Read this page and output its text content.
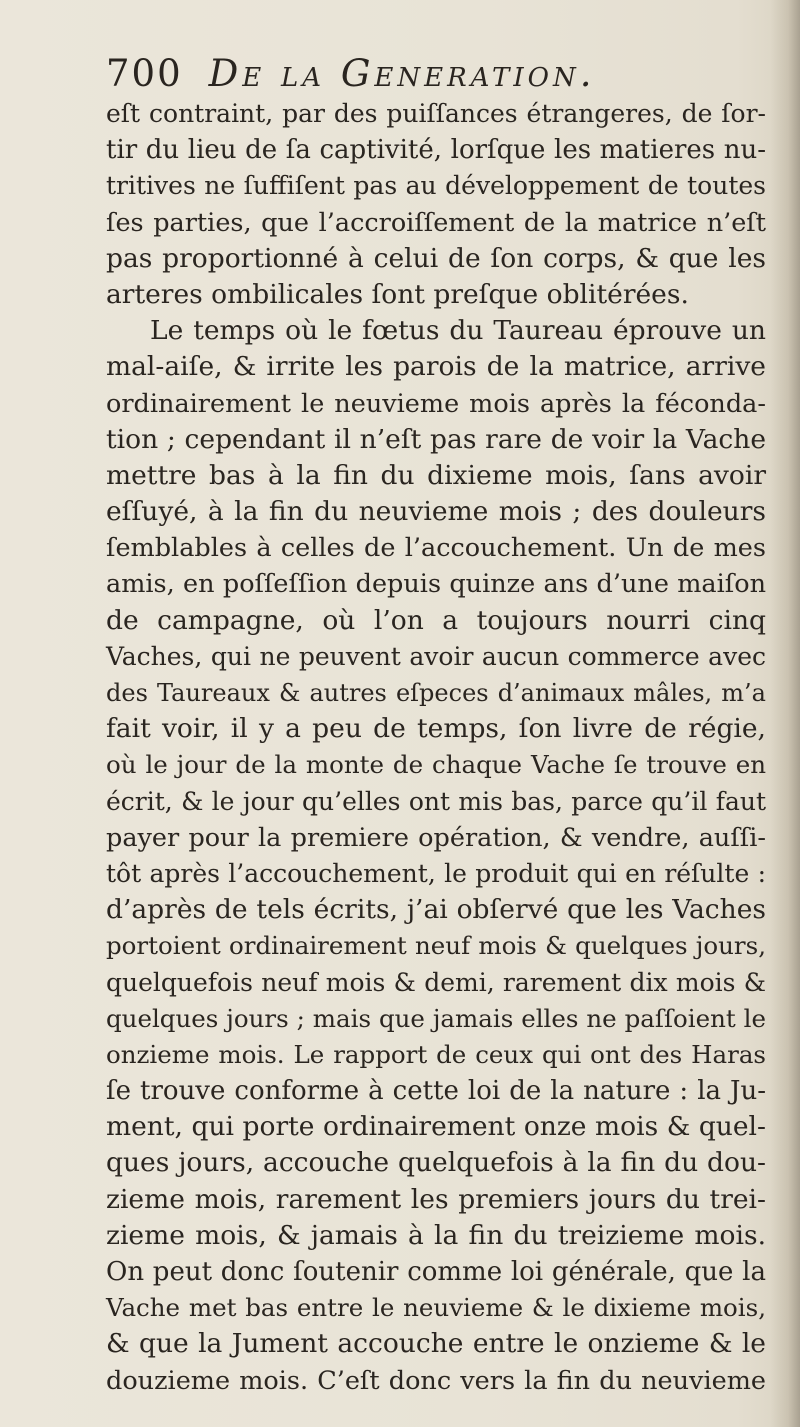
700 De la Generation.
eſt contraint, par des puiſſances étrangeres, de ſor-
tir du lieu de ſa captivité, lorſque les matieres nu-
tritives ne ſuffiſent pas au développement de toutes
ſes parties, que l’accroiſſement de la matrice n’eſt
pas proportionné à celui de ſon corps, & que les
arteres ombilicales ſont preſque oblitérées.
Le temps où le fœtus du Taureau éprouve un
mal-aiſe, & irrite les parois de la matrice, arrive
ordinairement le neuvieme mois après la féconda-
tion ; cependant il n’eſt pas rare de voir la Vache
mettre bas à la fin du dixieme mois, ſans avoir
eſſuyé, à la fin du neuvieme mois ; des douleurs
ſemblables à celles de l’accouchement. Un de mes
amis, en poſſeſſion depuis quinze ans d’une maiſon
de campagne, où l’on a toujours nourri cinq
Vaches, qui ne peuvent avoir aucun commerce avec
des Taureaux & autres eſpeces d’animaux mâles, m’a
fait voir, il y a peu de temps, ſon livre de régie,
où le jour de la monte de chaque Vache ſe trouve en
écrit, & le jour qu’elles ont mis bas, parce qu’il faut
payer pour la premiere opération, & vendre, auſſi-
tôt après l’accouchement, le produit qui en réſulte :
d’après de tels écrits, j’ai obſervé que les Vaches
portoient ordinairement neuf mois & quelques jours,
quelquefois neuf mois & demi, rarement dix mois &
quelques jours ; mais que jamais elles ne paſſoient le
onzieme mois. Le rapport de ceux qui ont des Haras
ſe trouve conforme à cette loi de la nature : la Ju-
ment, qui porte ordinairement onze mois & quel-
ques jours, accouche quelquefois à la fin du dou-
zieme mois, rarement les premiers jours du trei-
zieme mois, & jamais à la fin du treizieme mois.
On peut donc ſoutenir comme loi générale, que la
Vache met bas entre le neuvieme & le dixieme mois,
& que la Jument accouche entre le onzieme & le
douzieme mois. C’eſt donc vers la fin du neuvieme
